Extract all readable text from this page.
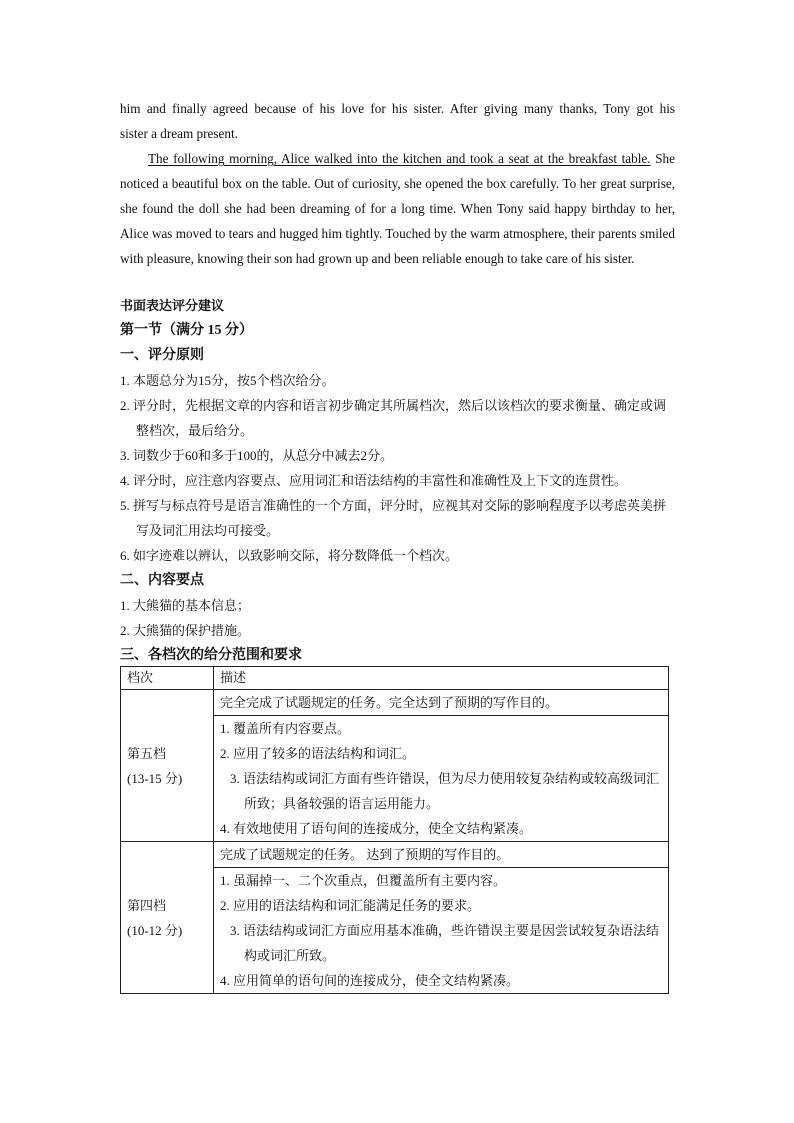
him and finally agreed because of his love for his sister. After giving many thanks, Tony got his

sister a dream present.

The following morning, Alice walked into the kitchen and took a seat at the breakfast table. She noticed a beautiful box on the table. Out of curiosity, she opened the box carefully. To her great surprise, she found the doll she had been dreaming of for a long time. When Tony said happy birthday to her, Alice was moved to tears and hugged him tightly. Touched by the warm atmosphere, their parents smiled with pleasure, knowing their son had grown up and been reliable enough to take care of his sister.

书面表达评分建议

第一节（满分 15 分）

一、评分原则

1. 本题总分为15分，按5个档次给分。

2. 评分时，先根据文章的内容和语言初步确定其所属档次，然后以该档次的要求衡量、确定或调整档次，最后给分。

3. 词数少于60和多于100的，从总分中减去2分。

4. 评分时，应注意内容要点、应用词汇和语法结构的丰富性和准确性及上下文的连贯性。

5. 拼写与标点符号是语言准确性的一个方面，评分时，应视其对交际的影响程度予以考虑英美拼写及词汇用法均可接受。

6. 如字迹难以辨认，以致影响交际，将分数降低一个档次。

二、内容要点

1. 大熊猫的基本信息；

2. 大熊猫的保护措施。

三、各档次的给分范围和要求

档次	描述

第五档
(13-15 分)	完全完成了试题规定的任务。完全达到了预期的写作目的。

	1. 覆盖所有内容要点。

2. 应用了较多的语法结构和词汇。

3. 语法结构或词汇方面有些许错误，但为尽力使用较复杂结构或较高级词汇所致；具备较强的语言运用能力。

4. 有效地使用了语句间的连接成分，使全文结构紧凑。

第四档
(10-12 分)	完成了试题规定的任务。 达到了预期的写作目的。

	1. 虽漏掉一、二个次重点，但覆盖所有主要内容。

2. 应用的语法结构和词汇能满足任务的要求。

3. 语法结构或词汇方面应用基本准确，些许错误主要是因尝试较复杂语法结构或词汇所致。

4. 应用简单的语句间的连接成分，使全文结构紧凑。
